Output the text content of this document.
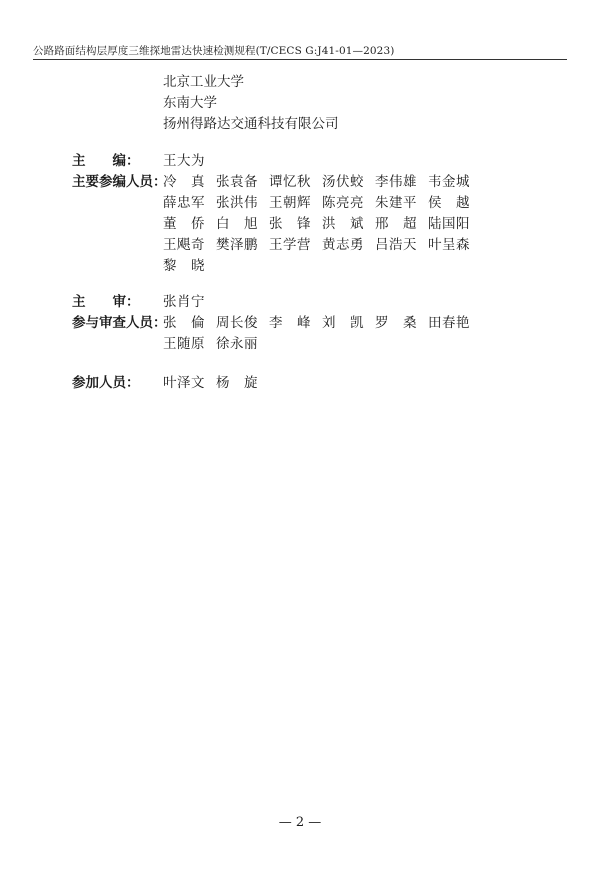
公路路面结构层厚度三维探地雷达快速检测规程(T/CECS G:J41-01—2023)
北京工业大学
东南大学
扬州得路达交通科技有限公司
主　　编：	王大为
主要参编人员：
冷　真 张袁备 谭忆秋 汤伏蛟 李伟雄 韦金城
薛忠军 张洪伟 王朝辉 陈亮亮 朱建平 侯　越
董　侨 白　旭 张　锋 洪　斌 邢　超 陆国阳
王飓奇 樊泽鹏 王学营 黄志勇 吕浩天 叶呈森
黎　晓
主　　审：	张肖宁
参与审查人员：
张　倫 周长俊 李　峰 刘　凯 罗　桑 田春艳
王随原 徐永丽
参加人员：	叶泽文 杨　旋
— 2 —
